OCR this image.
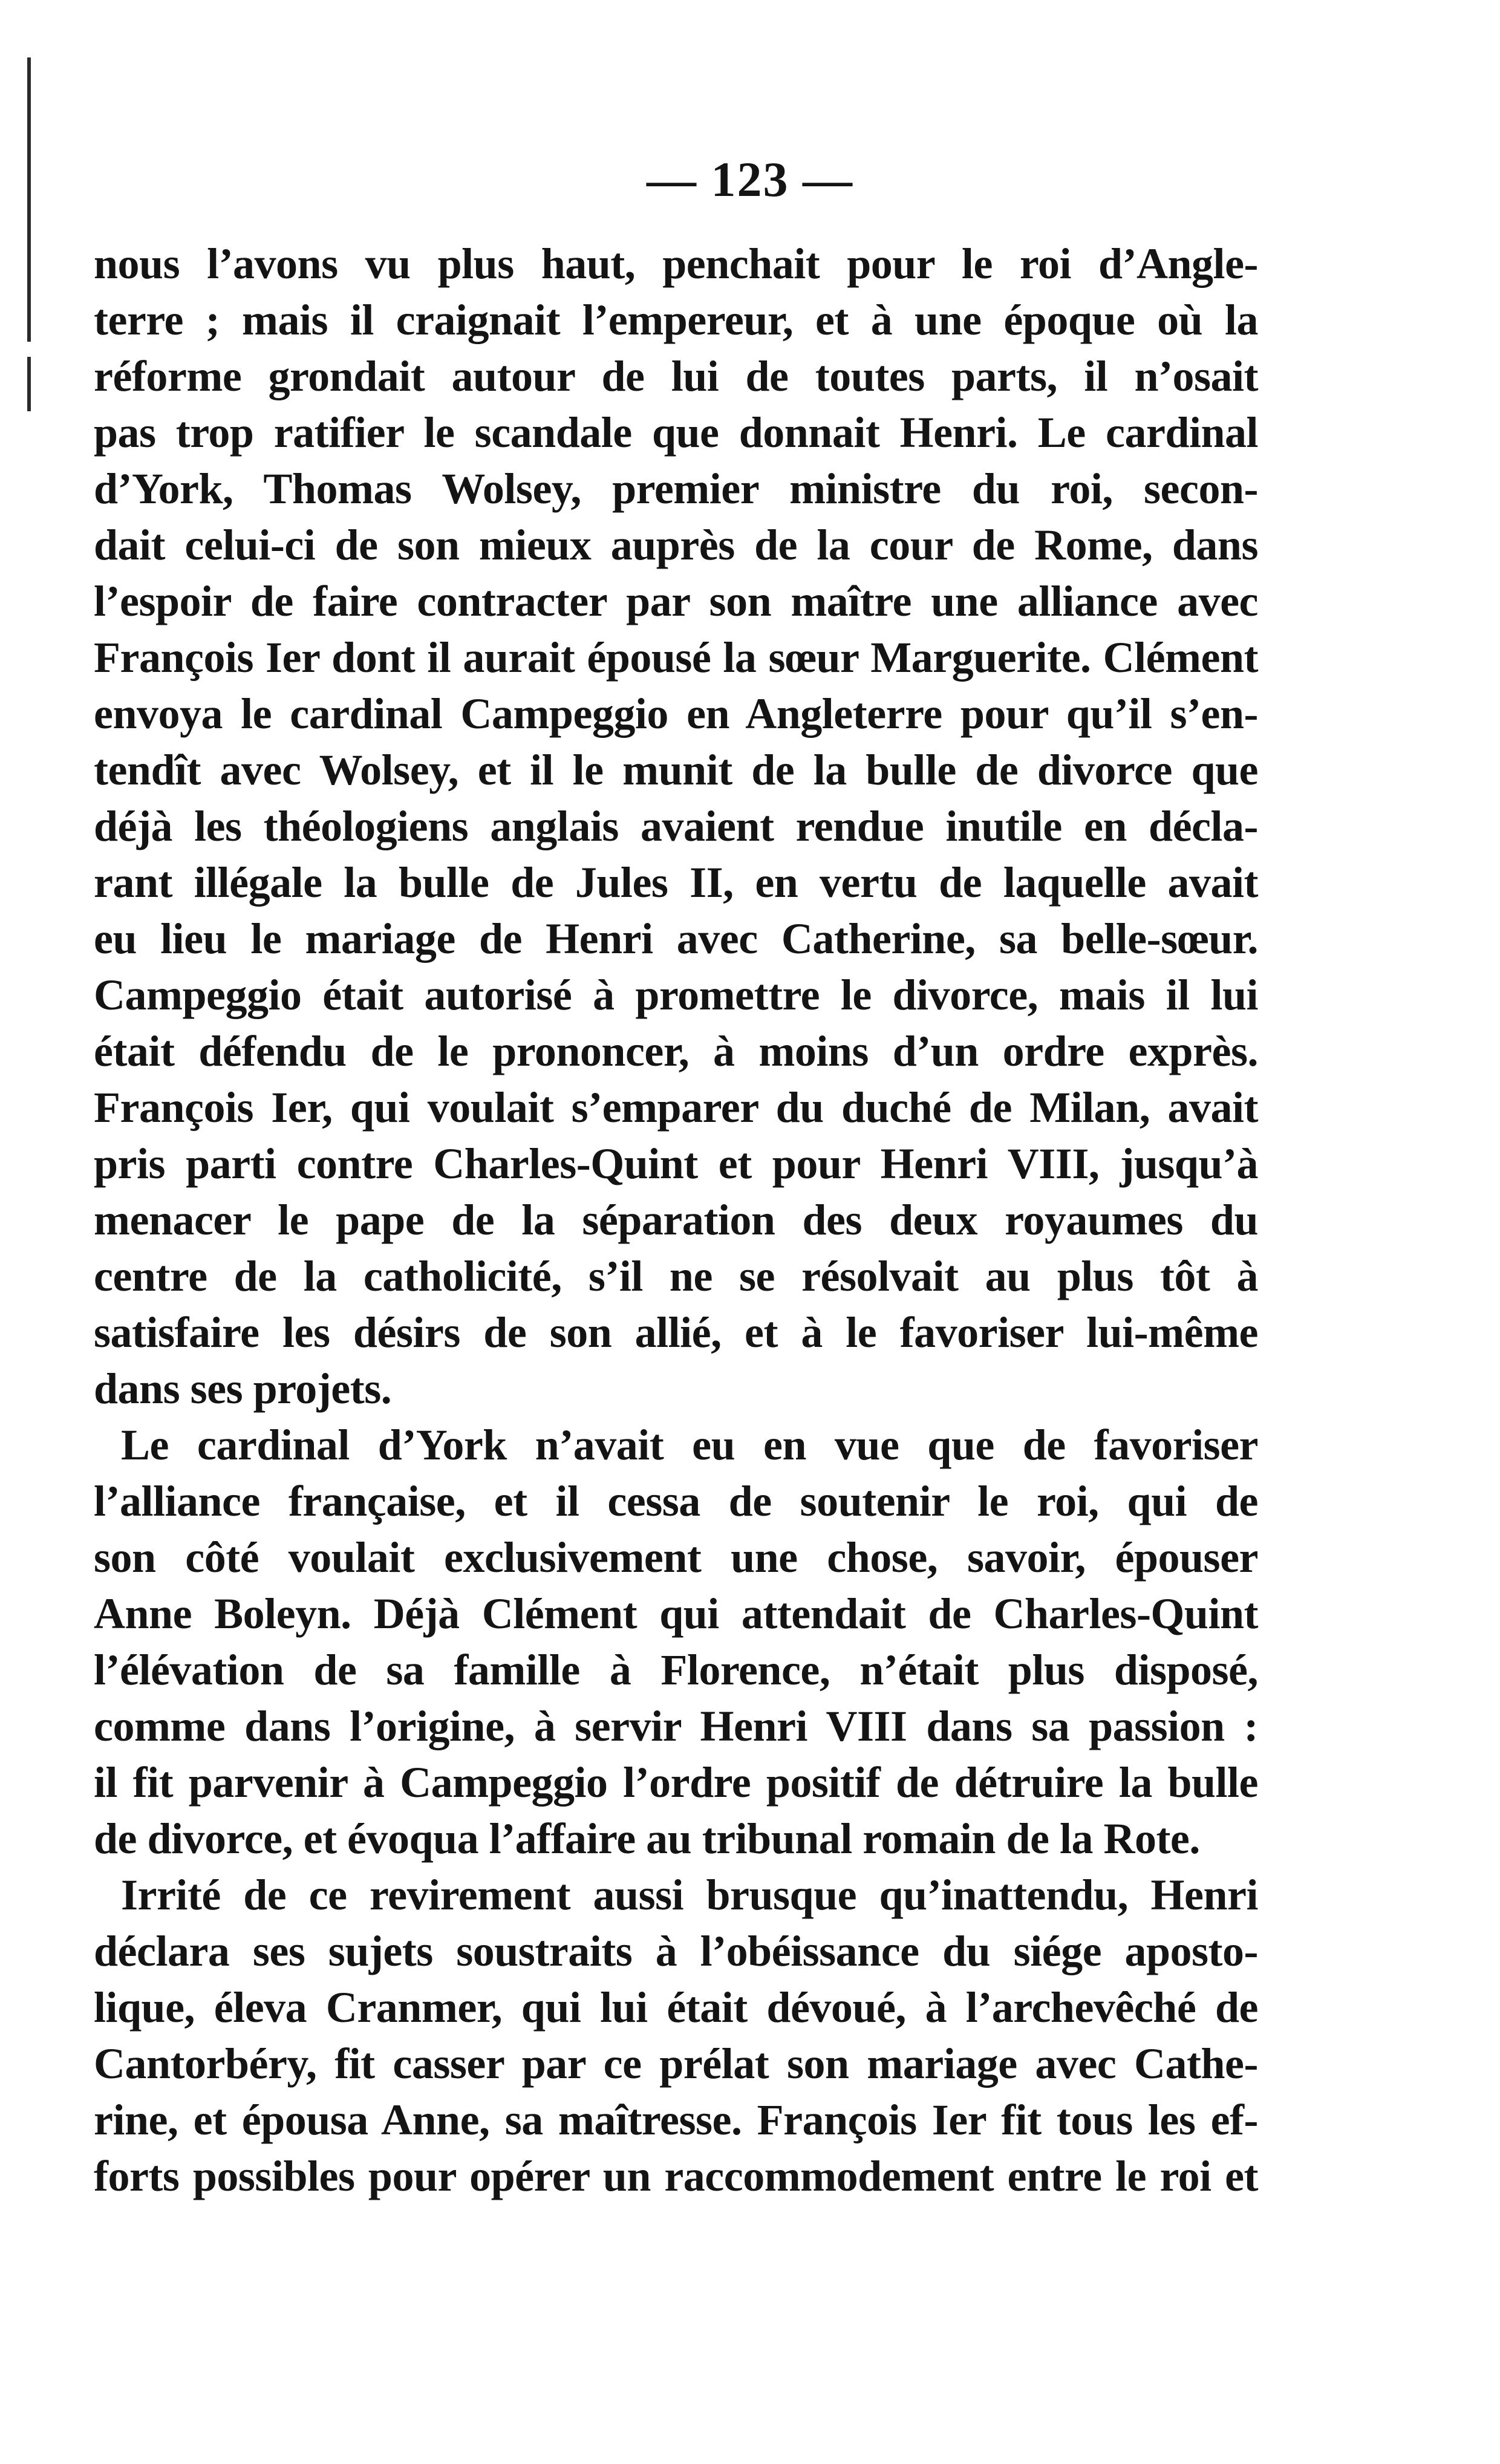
— 123 —
nous l’avons vu plus haut, penchait pour le roi d’Angle-
terre ; mais il craignait l’empereur, et à une époque où la
réforme grondait autour de lui de toutes parts, il n’osait
pas trop ratifier le scandale que donnait Henri. Le cardinal
d’York, Thomas Wolsey, premier ministre du roi, secon-
dait celui-ci de son mieux auprès de la cour de Rome, dans
l’espoir de faire contracter par son maître une alliance avec
François Ier dont il aurait épousé la sœur Marguerite. Clément
envoya le cardinal Campeggio en Angleterre pour qu’il s’en-
tendît avec Wolsey, et il le munit de la bulle de divorce que
déjà les théologiens anglais avaient rendue inutile en décla-
rant illégale la bulle de Jules II, en vertu de laquelle avait
eu lieu le mariage de Henri avec Catherine, sa belle-sœur.
Campeggio était autorisé à promettre le divorce, mais il lui
était défendu de le prononcer, à moins d’un ordre exprès.
François Ier, qui voulait s’emparer du duché de Milan, avait
pris parti contre Charles-Quint et pour Henri VIII, jusqu’à
menacer le pape de la séparation des deux royaumes du
centre de la catholicité, s’il ne se résolvait au plus tôt à
satisfaire les désirs de son allié, et à le favoriser lui-même
dans ses projets.
Le cardinal d’York n’avait eu en vue que de favoriser
l’alliance française, et il cessa de soutenir le roi, qui de
son côté voulait exclusivement une chose, savoir, épouser
Anne Boleyn. Déjà Clément qui attendait de Charles-Quint
l’élévation de sa famille à Florence, n’était plus disposé,
comme dans l’origine, à servir Henri VIII dans sa passion :
il fit parvenir à Campeggio l’ordre positif de détruire la bulle
de divorce, et évoqua l’affaire au tribunal romain de la Rote.
Irrité de ce revirement aussi brusque qu’inattendu, Henri
déclara ses sujets soustraits à l’obéissance du siége aposto-
lique, éleva Cranmer, qui lui était dévoué, à l’archevêché de
Cantorbéry, fit casser par ce prélat son mariage avec Cathe-
rine, et épousa Anne, sa maîtresse. François Ier fit tous les ef-
forts possibles pour opérer un raccommodement entre le roi et
